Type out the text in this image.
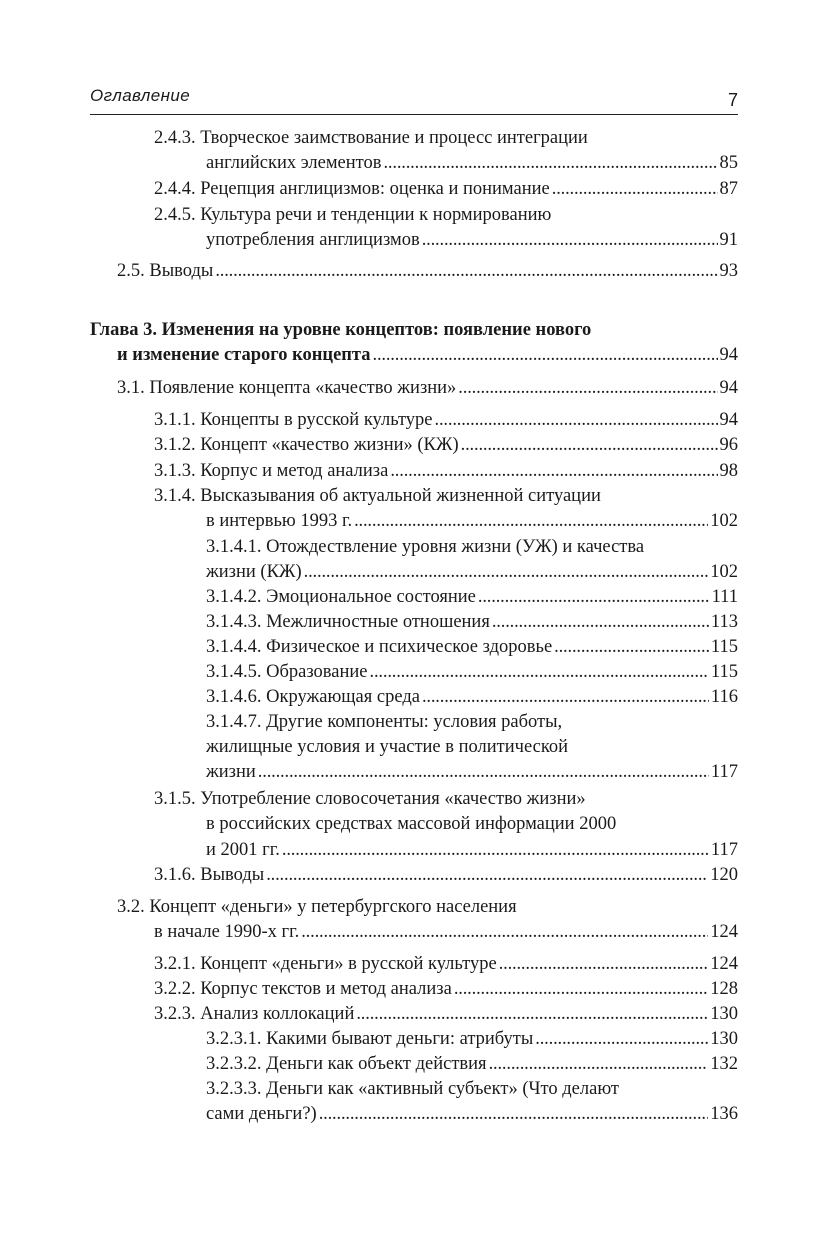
Оглавление	7
2.4.3. Творческое заимствование и процесс интеграции
английских элементов . . .	85
2.4.4. Рецепция англицизмов: оценка и понимание . . .	87
2.4.5. Культура речи и тенденции к нормированию
употребления англицизмов . . .	91
2.5. Выводы . . .	93
Глава 3. Изменения на уровне концептов: появление нового
и изменение старого концепта . . .	94
3.1. Появление концепта «качество жизни» . . .	94
3.1.1. Концепты в русской культуре . . .	94
3.1.2. Концепт «качество жизни» (КЖ) . . .	96
3.1.3. Корпус и метод анализа . . .	98
3.1.4. Высказывания об актуальной жизненной ситуации
в интервью 1993 г. . . .	102
3.1.4.1. Отождествление уровня жизни (УЖ) и качества
жизни (КЖ) . . .	102
3.1.4.2. Эмоциональное состояние . . .	111
3.1.4.3. Межличностные отношения . . .	113
3.1.4.4. Физическое и психическое здоровье . . .	115
3.1.4.5. Образование . . .	115
3.1.4.6. Окружающая среда . . .	116
3.1.4.7. Другие компоненты: условия работы,
жилищные условия и участие в политической
жизни . . .	117
3.1.5. Употребление словосочетания «качество жизни»
в российских средствах массовой информации 2000
и 2001 гг. . . .	117
3.1.6. Выводы . . .	120
3.2. Концепт «деньги» у петербургского населения
в начале 1990-х гг. . . .	124
3.2.1. Концепт «деньги» в русской культуре . . .	124
3.2.2. Корпус текстов и метод анализа . . .	128
3.2.3. Анализ коллокаций . . .	130
3.2.3.1. Какими бывают деньги: атрибуты . . .	130
3.2.3.2. Деньги как объект действия . . .	132
3.2.3.3. Деньги как «активный субъект» (Что делают
сами деньги?) . . .	136
